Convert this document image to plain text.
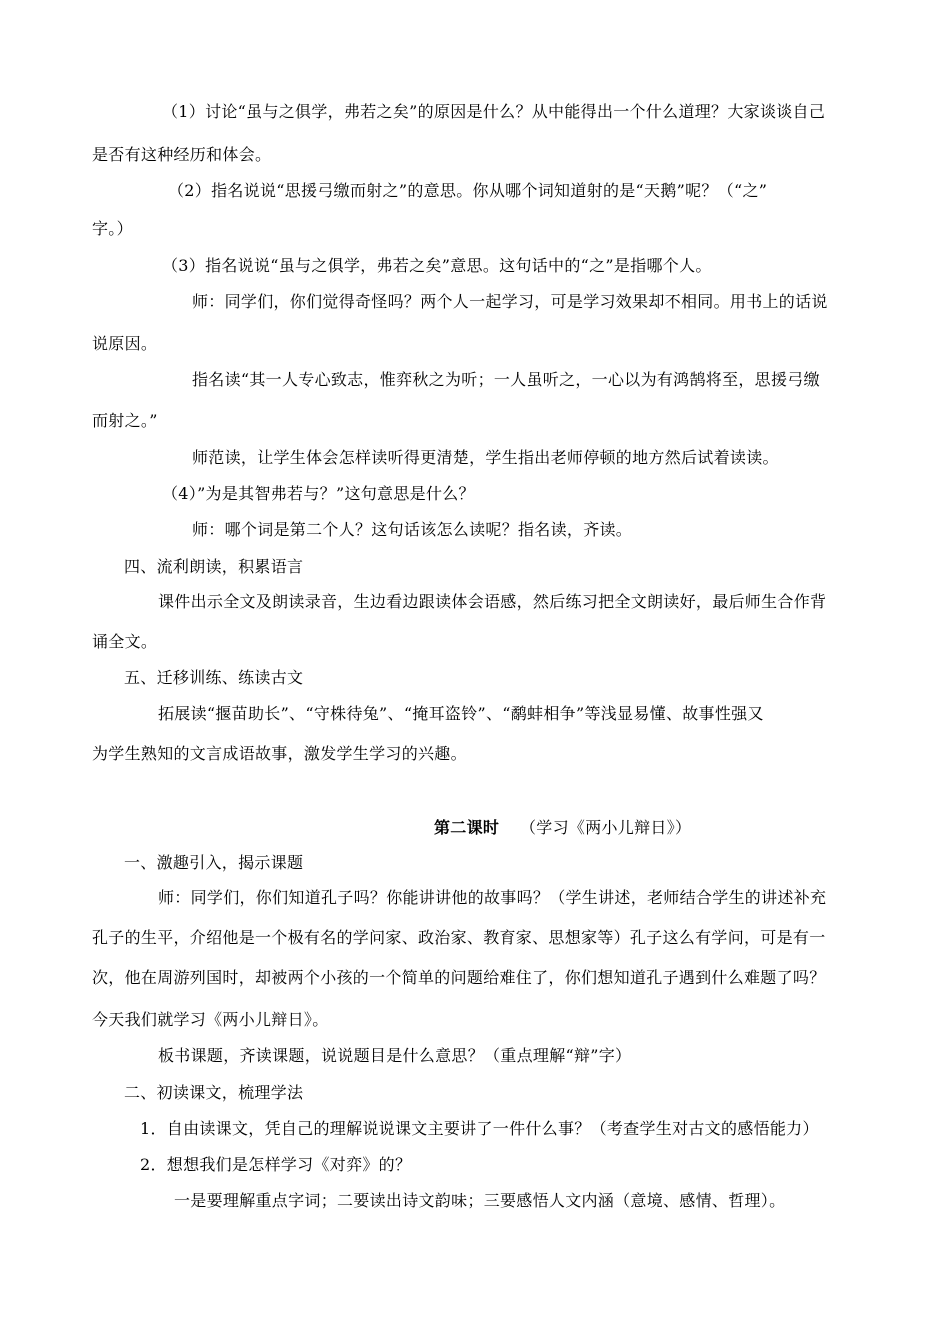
（1）讨论“虽与之俱学，弗若之矣”的原因是什么？从中能得出一个什么道理？大家谈谈自己
是否有这种经历和体会。
（2）指名说说“思援弓缴而射之”的意思。你从哪个词知道射的是“天鹅”呢？（“之”
字。）
（3）指名说说“虽与之俱学，弗若之矣”意思。这句话中的“之”是指哪个人。
师：同学们，你们觉得奇怪吗？两个人一起学习，可是学习效果却不相同。用书上的话说
说原因。
指名读“其一人专心致志，惟弈秋之为听；一人虽听之，一心以为有鸿鹄将至，思援弓缴
而射之。”
师范读，让学生体会怎样读听得更清楚，学生指出老师停顿的地方然后试着读读。
（4）”为是其智弗若与？”这句意思是什么？
师：哪个词是第二个人？这句话该怎么读呢？指名读，齐读。
四、流利朗读，积累语言
课件出示全文及朗读录音，生边看边跟读体会语感，然后练习把全文朗读好，最后师生合作背
诵全文。
五、迁移训练、练读古文
拓展读“揠苗助长”、“守株待兔”、“掩耳盗铃”、“鹬蚌相争”等浅显易懂、故事性强又
为学生熟知的文言成语故事，激发学生学习的兴趣。
第二课时 （学习《两小儿辩日》）
一、激趣引入，揭示课题
师：同学们，你们知道孔子吗？你能讲讲他的故事吗？（学生讲述，老师结合学生的讲述补充
孔子的生平，介绍他是一个极有名的学问家、政治家、教育家、思想家等）孔子这么有学问，可是有一
次，他在周游列国时，却被两个小孩的一个简单的问题给难住了，你们想知道孔子遇到什么难题了吗？
今天我们就学习《两小儿辩日》。
板书课题，齐读课题，说说题目是什么意思？（重点理解“辩”字）
二、初读课文，梳理学法
1．自由读课文，凭自己的理解说说课文主要讲了一件什么事？（考查学生对古文的感悟能力）
2．想想我们是怎样学习《对弈》的？
一是要理解重点字词；二要读出诗文韵味；三要感悟人文内涵（意境、感情、哲理）。
